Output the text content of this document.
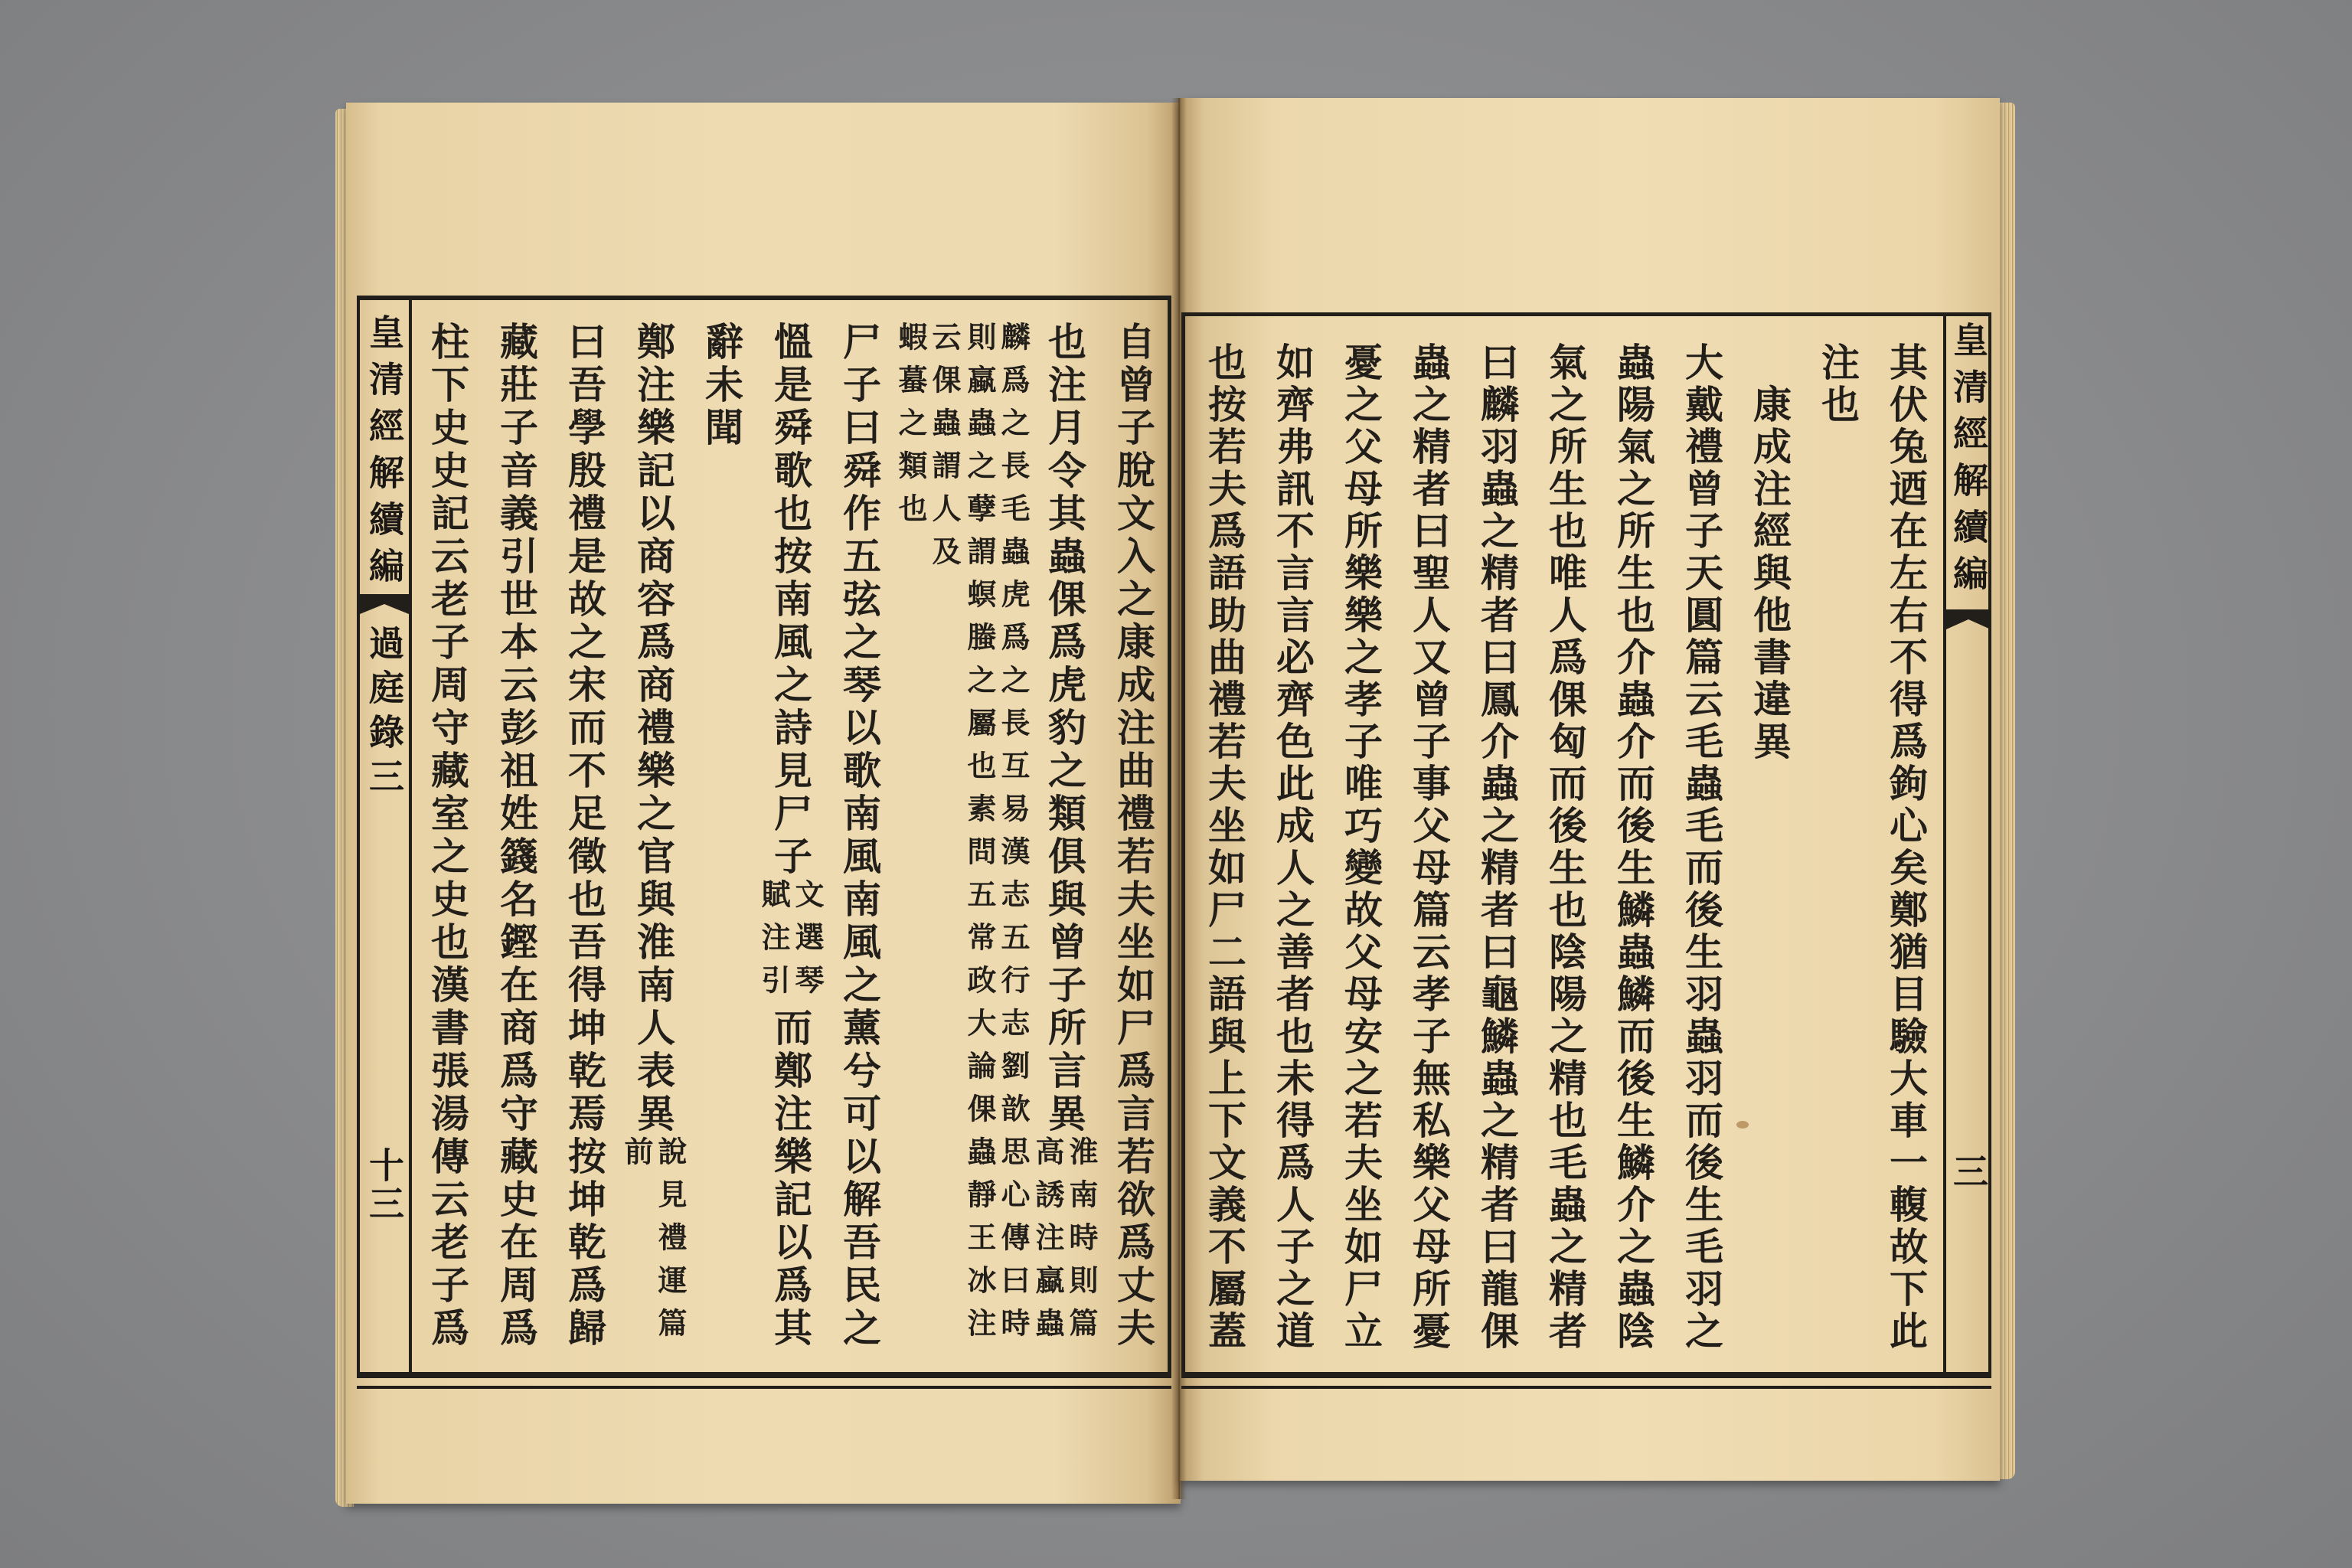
皇清經解續編
過庭錄三
十三
皇清經解續編
三
其伏兔迺在左右不得爲鉤心矣鄭猶目驗大車一輹故下此
注也
康成注經與他書違異
大戴禮曾子天圓篇云毛蟲毛而後生羽蟲羽而後生毛羽之
蟲陽氣之所生也介蟲介而後生鱗蟲鱗而後生鱗介之蟲陰
氣之所生也唯人爲倮匈而後生也陰陽之精也毛蟲之精者
曰麟羽蟲之精者曰鳳介蟲之精者曰龜鱗蟲之精者曰龍倮
蟲之精者曰聖人又曾子事父母篇云孝子無私樂父母所憂
憂之父母所樂樂之孝子唯巧變故父母安之若夫坐如尸立
如齊弗訊不言言必齊色此成人之善者也未得爲人子之道
也按若夫爲語助曲禮若夫坐如尸二語與上下文義不屬蓋
自曾子脫文入之康成注曲禮若夫坐如尸爲言若欲爲丈夫
也注月令其蟲倮爲虎豹之類俱與曾子所言異
淮南時則篇
高誘注蠃蟲
麟爲之長毛蟲虎爲之長互易漢志五行志劉歆思心傳曰時
則蠃蟲之孽謂螟螣之屬也素問五常政大論倮蟲靜王冰注
云倮蟲謂人及
蝦蟇之類也
尸子曰舜作五弦之琴以歌南風南風之薰兮可以解吾民之
慍是舜歌也按南風之詩見尸子
文選琴
賦注引
而鄭注樂記以爲其
辭未聞
鄭注樂記以商容爲商禮樂之官與淮南人表異
說見禮運篇
前
曰吾學殷禮是故之宋而不足徵也吾得坤乾焉按坤乾爲歸
藏莊子音義引世本云彭祖姓籛名鏗在商爲守藏史在周爲
柱下史史記云老子周守藏室之史也漢書張湯傳云老子爲
